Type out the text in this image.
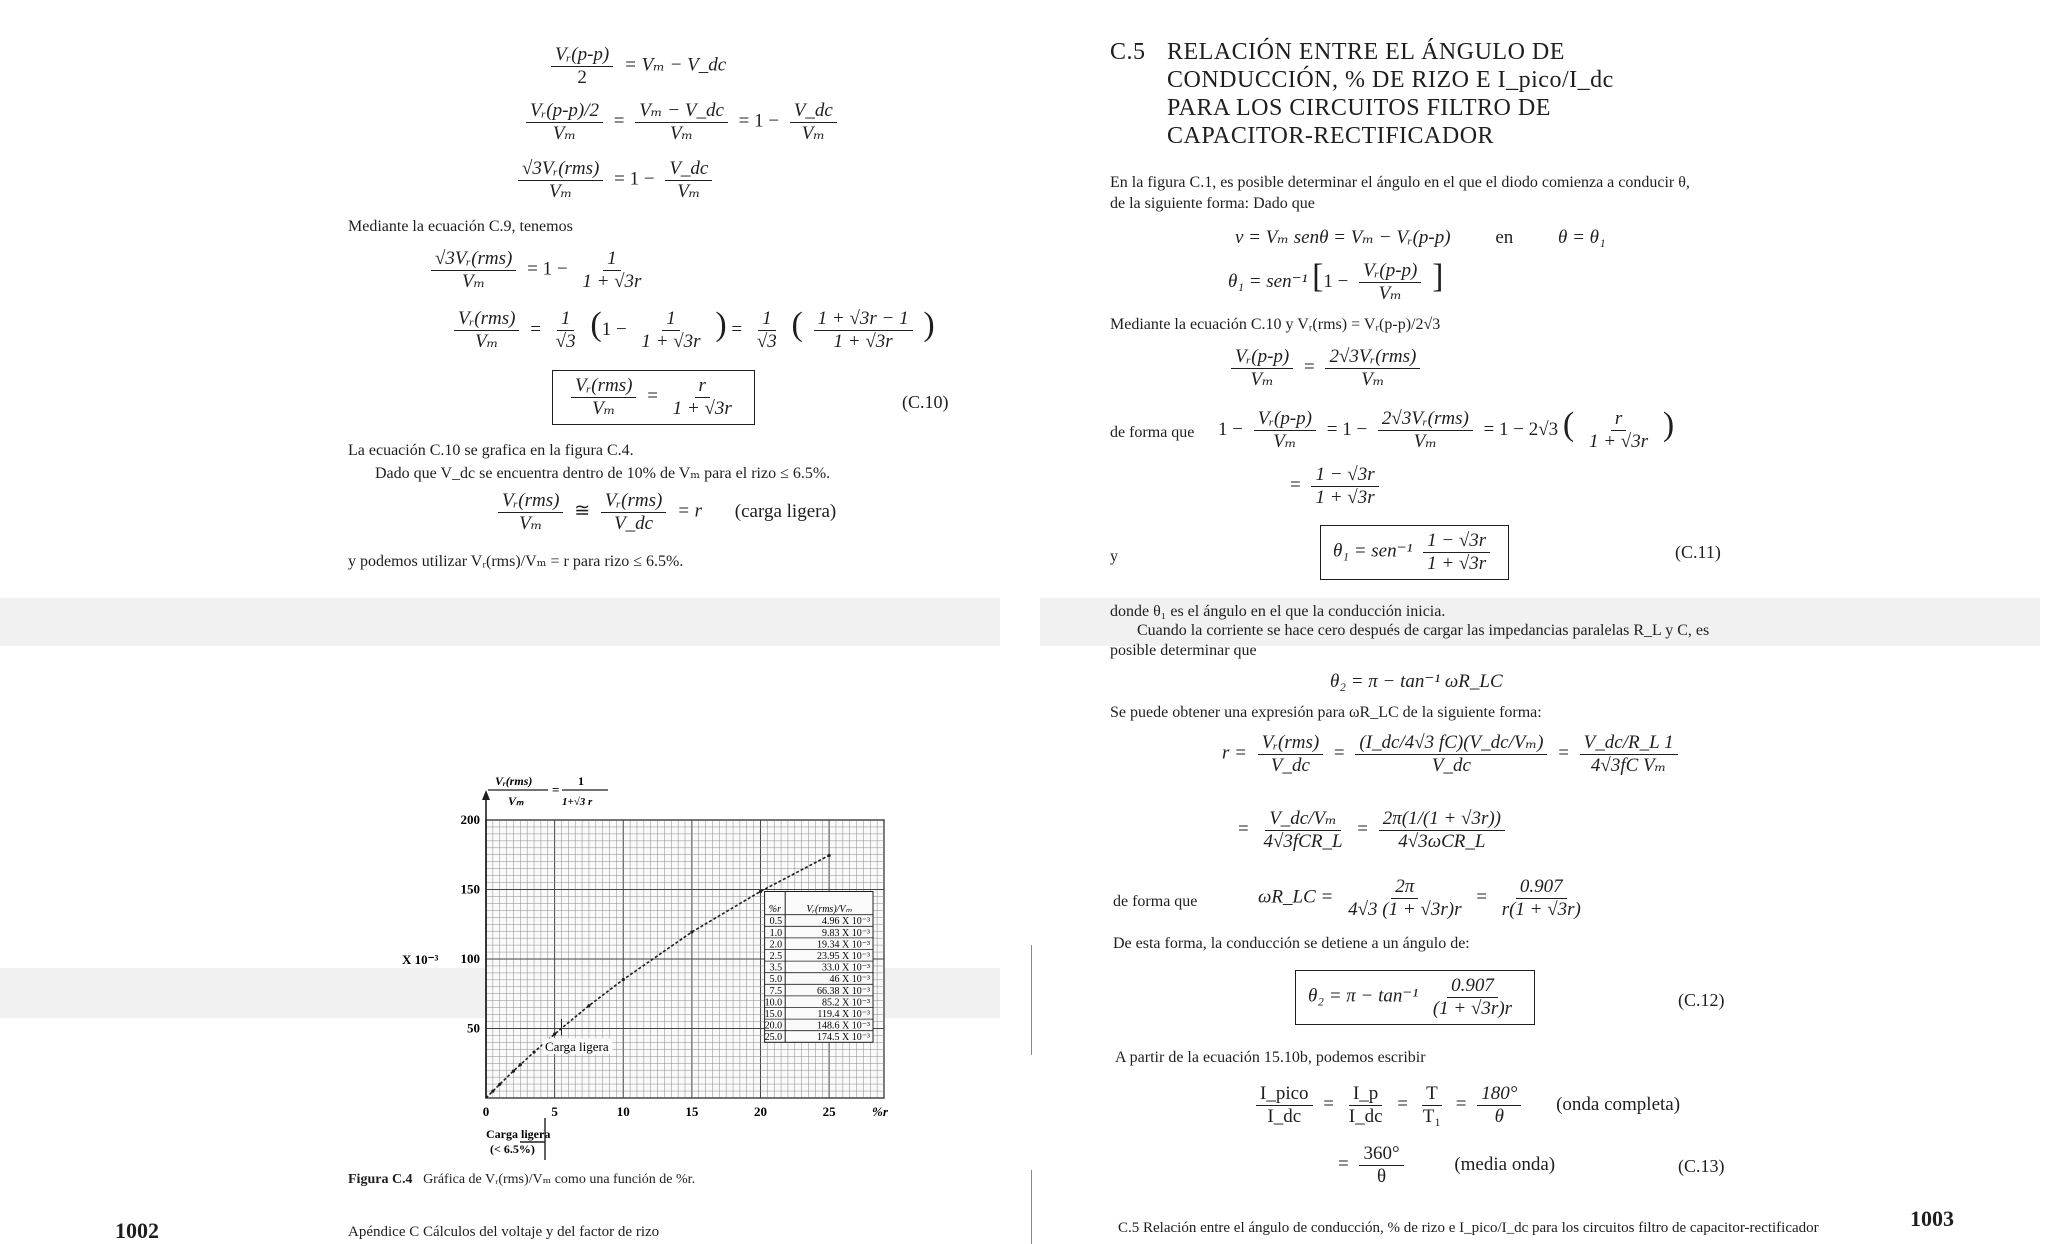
$\frac{\text{Vᵣ(p-p)}}{2} = V_m$ − V_dc
$\frac{\text{Vᵣ(p-p)/2}}{\text{Vₘ}} = \frac{\text{Vₘ − V\_dc}}{\text{Vₘ}} = 1 - \frac{V\_dc}{\text{Vₘ}}$
$\frac{\text{√3Vᵣ(rms)}}{\text{Vₘ}} = 1 - \frac{V\_dc}{\text{Vₘ}}$
Mediante la ecuación C.9, tenemos
$\frac{\text{√3Vᵣ(rms)}}{\text{Vₘ}} = 1 - \frac{1}{1 + √3r}$
$\frac{\text{Vᵣ(rms)}}{\text{Vₘ}} = \frac{1}{√3} (1 - \frac{1}{1 + √3r}$ ) = $\frac{1}{√3}$ ( $\frac{1 + √3r - 1}{1 + √3r}$ )
$\frac{\text{Vᵣ(rms)}}{\text{Vₘ}} = \frac{r}{1 + √3r}$	(C.10)
La ecuación C.10 se grafica en la figura C.4.
Dado que V_dc se encuentra dentro de 10% de Vₘ para el rizo ≤ 6.5%.
$\frac{\text{Vᵣ(rms)}}{\text{Vₘ}}$ ≅ $\frac{\text{Vᵣ(rms)}}{V\_dc} = r$ (carga ligera)
y podemos utilizar Vᵣ(rms)/Vₘ = r para rizo ≤ 6.5%.
0	5	10	15	20	25	%r
50
100
150
200
X 10⁻³
Carga ligera
%r	Vᵣ(rms)/Vₘ
0.5	4.96 X 10⁻³
1.0	9.83 X 10⁻³
2.0	19.34 X 10⁻³
2.5	23.95 X 10⁻³
3.5	33.0 X 10⁻³
5.0	46 X 10⁻³
7.5	66.38 X 10⁻³
10.0	85.2 X 10⁻³
15.0	119.4 X 10⁻³
20.0	148.6 X 10⁻³
25.0	174.5 X 10⁻³
Vᵣ(rms)
Vₘ
=
1
1+√3 r
Carga ligera
(< 6.5%)
Figura C.4 Gráfica de Vᵣ(rms)/Vₘ como una función de %r.
1002	Apéndice C Cálculos del voltaje y del factor de rizo
C.5 RELACIÓN ENTRE EL ÁNGULO DE
CONDUCCIÓN, % DE RIZO E I_pico/I_dc
PARA LOS CIRCUITOS FILTRO DE
CAPACITOR-RECTIFICADOR
En la figura C.1, es posible determinar el ángulo en el que el diodo comienza a conducir θ,
de la siguiente forma: Dado que
v = Vₘ senθ = Vₘ − Vᵣ(p-p) en θ = θ₁
θ₁ = sen⁻¹ [$1 - \frac{\text{Vᵣ(p-p)}}{\text{Vₘ}}$ ]
Mediante la ecuación C.10 y Vᵣ(rms) = Vᵣ(p-p)/2√3
$\frac{\text{Vᵣ(p-p)}}{\text{Vₘ}} = \frac{\text{2√3Vᵣ(rms)}}{\text{Vₘ}}$
de forma que $1 - \frac{\text{Vᵣ(p-p)}}{\text{Vₘ}} = 1 - \frac{\text{2√3Vᵣ(rms)}}{\text{Vₘ}} = 1 - 2√3$ ( $\frac{r}{1 + √3r}$ )
= $\frac{1 - √3r}{1 + √3r}$
y	$\theta_1 = sen^{-1} \frac{1 - √3r}{1 + √3r}$	(C.11)
donde θ₁ es el ángulo en el que la conducción inicia.
Cuando la corriente se hace cero después de cargar las impedancias paralelas R_L y C, es
posible determinar que
θ₂ = π − tan⁻¹ ωR_LC
Se puede obtener una expresión para ωR_LC de la siguiente forma:
$r = \frac{\text{Vᵣ(rms)}}{V\_dc} = \frac{\text{(I\_dc/4√3 fC)(V\_dc/Vₘ)}}{V\_dc} = \frac{V\_dc/R\_L 1}{\text{4√3fC Vₘ}}$
= $\frac{\text{V\_dc/Vₘ}}{\text{4√3fCR\_L}} = \frac{2\pi(1/(1 + √3r))}{\text{4√3ωCR\_L}}$
de forma que	ωR_LC = $\frac{2\pi}{4√3 (1 + √3r)r} = \frac{0.907}{r(1 + √3r)}$
De esta forma, la conducción se detiene a un ángulo de:
$\theta_2 = \pi - \tan^{-1} \frac{0.907}{(1 + √3r)r}$	(C.12)
A partir de la ecuación 15.10b, podemos escribir
$\frac{\text{I\_pico}}{I\_dc} = \frac{I\_p}{I\_dc} = \frac{T}{\text{T₁}} = \frac{180^\circ}{\theta}$ (onda completa)
= $\frac{360^\circ}{\theta}$	(media onda)	(C.13)
C.5 Relación entre el ángulo de conducción, % de rizo e I_pico/I_dc para los circuitos filtro de capacitor-rectificador	1003
